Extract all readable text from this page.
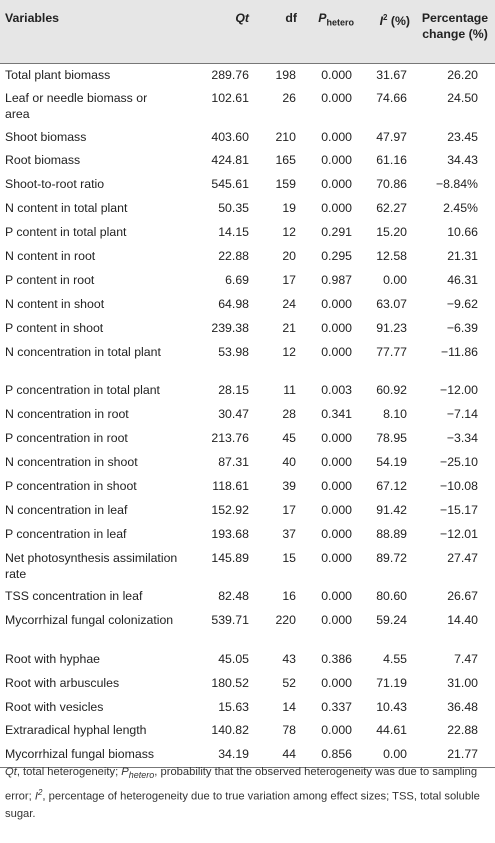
Variables	Qt	df	$P_{hetero}$	$I^2$ (%)	Percentage
change (%)
Total plant biomass	289.76	198	0.000	31.67	26.20
Leaf or needle biomass or area	102.61	26	0.000	74.66	24.50
Shoot biomass	403.60	210	0.000	47.97	23.45
Root biomass	424.81	165	0.000	61.16	34.43
Shoot-to-root ratio	545.61	159	0.000	70.86	−8.84%
N content in total plant	50.35	19	0.000	62.27	2.45%
P content in total plant	14.15	12	0.291	15.20	10.66
N content in root	22.88	20	0.295	12.58	21.31
P content in root	6.69	17	0.987	0.00	46.31
N content in shoot	64.98	24	0.000	63.07	−9.62
P content in shoot	239.38	21	0.000	91.23	−6.39
N concentration in total plant	53.98	12	0.000	77.77	−11.86
P concentration in total plant	28.15	11	0.003	60.92	−12.00
N concentration in root	30.47	28	0.341	8.10	−7.14
P concentration in root	213.76	45	0.000	78.95	−3.34
N concentration in shoot	87.31	40	0.000	54.19	−25.10
P concentration in shoot	118.61	39	0.000	67.12	−10.08
N concentration in leaf	152.92	17	0.000	91.42	−15.17
P concentration in leaf	193.68	37	0.000	88.89	−12.01
Net photosynthesis assimilation rate	145.89	15	0.000	89.72	27.47
TSS concentration in leaf	82.48	16	0.000	80.60	26.67
Mycorrhizal fungal colonization	539.71	220	0.000	59.24	14.40
Root with hyphae	45.05	43	0.386	4.55	7.47
Root with arbuscules	180.52	52	0.000	71.19	31.00
Root with vesicles	15.63	14	0.337	10.43	36.48
Extraradical hyphal length	140.82	78	0.000	44.61	22.88
Mycorrhizal fungal biomass	34.19	44	0.856	0.00	21.77
Qt, total heterogeneity; $P_{hetero}$, probability that the observed heterogeneity was due to sampling error; $I^2$, percentage of heterogeneity due to true variation among effect sizes; TSS, total soluble sugar.
